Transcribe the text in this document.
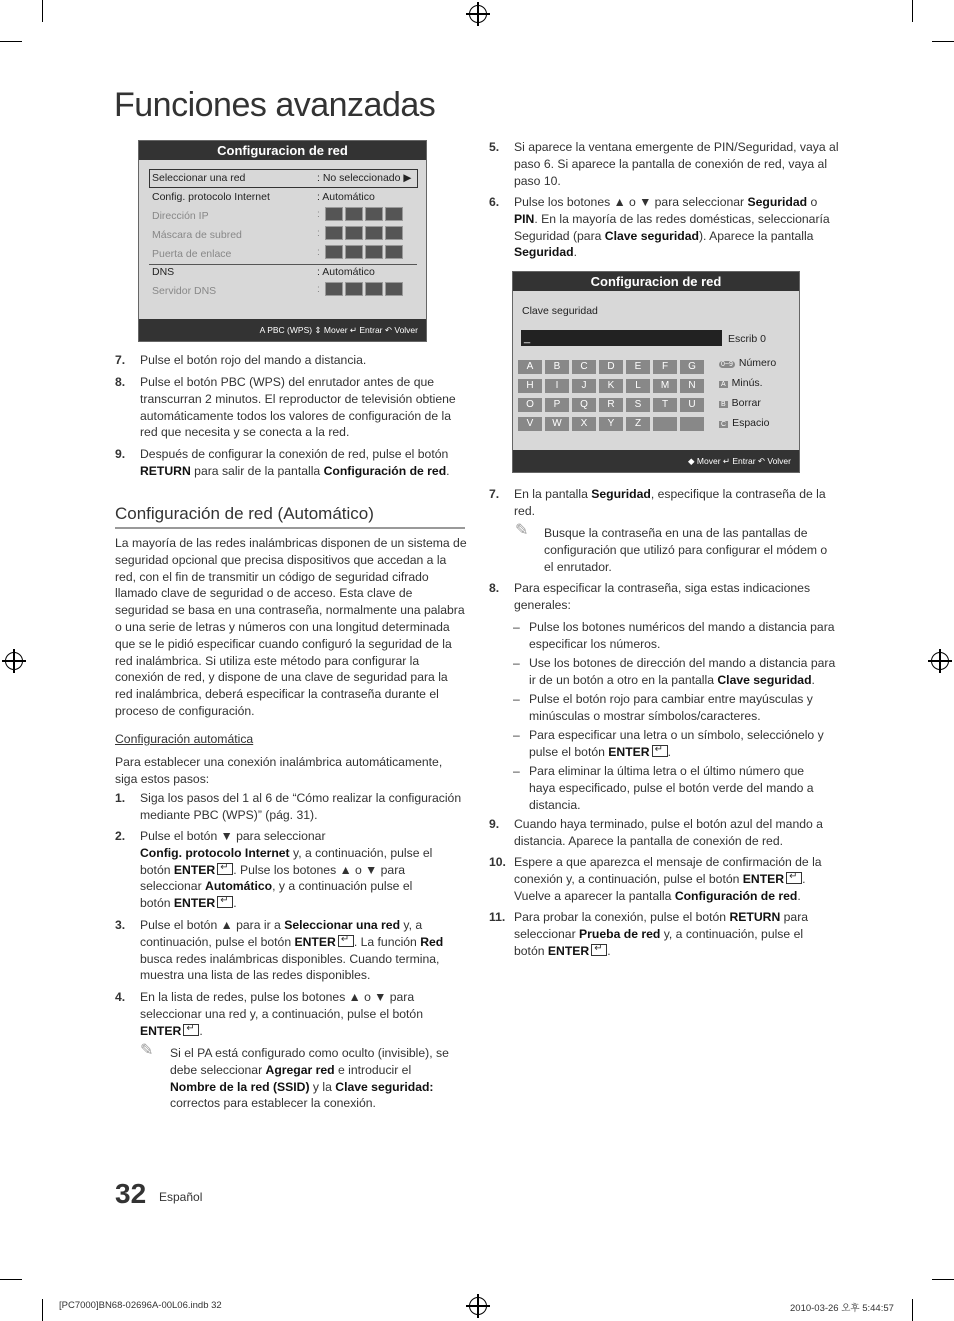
Funciones avanzadas
Configuracion de red
Seleccionar una red	: No seleccionado ▶
Config. protocolo Internet	: Automático
Dirección IP	:
Máscara de subred	:
Puerta de enlace	:
DNS	: Automático
Servidor DNS	:
A PBC (WPS) ⇕ Mover ↵ Entrar ↶ Volver
7. Pulse el botón rojo del mando a distancia.
8. Pulse el botón PBC (WPS) del enrutador antes de que transcurran 2 minutos. El reproductor de televisión obtiene automáticamente todos los valores de configuración de la red que necesita y se conecta a la red.
9. Después de configurar la conexión de red, pulse el botón RETURN para salir de la pantalla Configuración de red.
Configuración de red (Automático)
La mayoría de las redes inalámbricas disponen de un sistema de seguridad opcional que precisa dispositivos que accedan a la red, con el fin de transmitir un código de seguridad cifrado llamado clave de seguridad o de acceso. Esta clave de seguridad se basa en una contraseña, normalmente una palabra o una serie de letras y números con una longitud determinada que se le pidió especificar cuando configuró la seguridad de la red inalámbrica. Si utiliza este método para configurar la conexión de red, y dispone de una clave de seguridad para la red inalámbrica, deberá especificar la contraseña durante el proceso de configuración.
Configuración automática
Para establecer una conexión inalámbrica automáticamente, siga estos pasos:
1. Siga los pasos del 1 al 6 de “Cómo realizar la configuración mediante PBC (WPS)” (pág. 31).
2. Pulse el botón ▼ para seleccionar
Config. protocolo Internet y, a continuación, pulse el botón ENTER ↵ . Pulse los botones ▲ o ▼ para seleccionar Automático, y a continuación pulse el botón ENTER ↵ .
3. Pulse el botón ▲ para ir a Seleccionar una red y, a continuación, pulse el botón ENTER ↵ . La función Red busca redes inalámbricas disponibles. Cuando termina, muestra una lista de las redes disponibles.
4. En la lista de redes, pulse los botones ▲ o ▼ para seleccionar una red y, a continuación, pulse el botón ENTER ↵ .
✎ Si el PA está configurado como oculto (invisible), se debe seleccionar Agregar red e introducir el Nombre de la red (SSID) y la Clave seguridad: correctos para establecer la conexión.
5. Si aparece la ventana emergente de PIN/Seguridad, vaya al paso 6. Si aparece la pantalla de conexión de red, vaya al paso 10.
6. Pulse los botones ▲ o ▼ para seleccionar Seguridad o PIN. En la mayoría de las redes domésticas, seleccionaría Seguridad (para Clave seguridad). Aparece la pantalla Seguridad.
Configuracion de red
Clave seguridad
_	Escrib 0
A	B	C	D	E	F	G
H	I	J	K	L	M	N
O	P	Q	R	S	T	U
V	W	X	Y	Z
0~9 Número
A Minús.
B Borrar
C Espacio
◆ Mover ↵ Entrar ↶ Volver
7. En la pantalla Seguridad, especifique la contraseña de la red.
✎ Busque la contraseña en una de las pantallas de configuración que utilizó para configurar el módem o el enrutador.
8. Para especificar la contraseña, siga estas indicaciones generales:
– Pulse los botones numéricos del mando a distancia para especificar los números.
– Use los botones de dirección del mando a distancia para ir de un botón a otro en la pantalla Clave seguridad.
– Pulse el botón rojo para cambiar entre mayúsculas y minúsculas o mostrar símbolos/caracteres.
– Para especificar una letra o un símbolo, selecciónelo y pulse el botón ENTER ↵ .
– Para eliminar la última letra o el último número que haya especificado, pulse el botón verde del mando a distancia.
9. Cuando haya terminado, pulse el botón azul del mando a distancia. Aparece la pantalla de conexión de red.
10. Espere a que aparezca el mensaje de confirmación de la conexión y, a continuación, pulse el botón ENTER ↵ . Vuelve a aparecer la pantalla Configuración de red.
11. Para probar la conexión, pulse el botón RETURN para seleccionar Prueba de red y, a continuación, pulse el botón ENTER ↵ .
32 Español
[PC7000]BN68-02696A-00L06.indb 32	2010-03-26 오후 5:44:57
